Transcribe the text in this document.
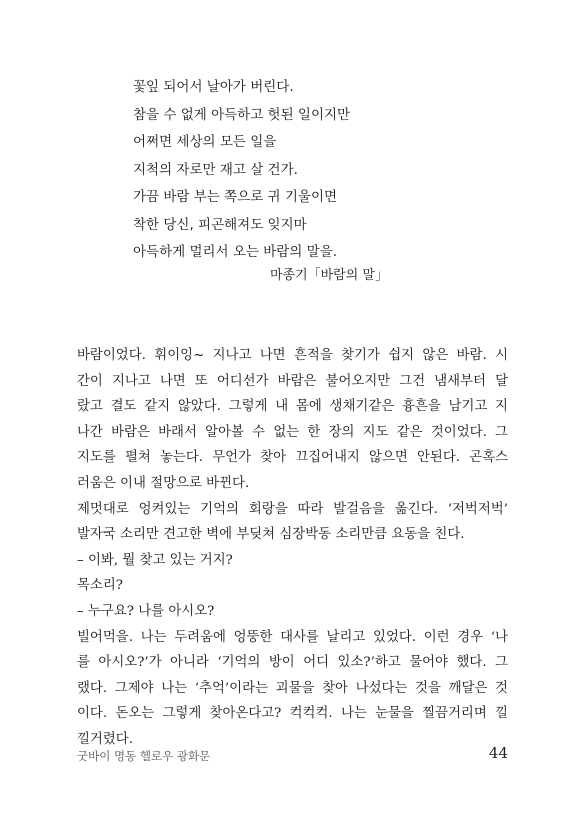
꽃잎 되어서 날아가 버린다.
참을 수 없게 아득하고 헛된 일이지만
어쩌면 세상의 모든 일을
지척의 자로만 재고 살 건가.
가끔 바람 부는 쪽으로 귀 기울이면
착한 당신, 피곤해져도 잊지마
아득하게 멀리서 오는 바람의 말을.
마종기「바람의 말」
바람이었다. 휘이잉~ 지나고 나면 흔적을 찾기가 쉽지 않은 바람. 시
간이 지나고 나면 또 어디선가 바람은 불어오지만 그건 냄새부터 달
랐고 결도 같지 않았다. 그렇게 내 몸에 생채기같은 흉흔을 남기고 지
나간 바람은 바래서 알아볼 수 없는 한 장의 지도 같은 것이었다. 그
지도를 펼쳐 놓는다. 무언가 찾아 끄집어내지 않으면 안된다. 곤혹스
러움은 이내 절망으로 바뀐다.
제멋대로 엉켜있는 기억의 회랑을 따라 발걸음을 옮긴다. ‘저벅저벅’
발자국 소리만 견고한 벽에 부딪쳐 심장박동 소리만큼 요동을 친다.
– 이봐, 뭘 찾고 있는 거지?
목소리?
– 누구요? 나를 아시오?
빌어먹을. 나는 두려움에 엉뚱한 대사를 날리고 있었다. 이런 경우 ‘나
를 아시오?’가 아니라 ‘기억의 방이 어디 있소?’하고 물어야 했다. 그
랬다. 그제야 나는 ‘추억’이라는 괴물을 찾아 나섰다는 것을 깨달은 것
이다. 돈오는 그렇게 찾아온다고? 컥컥컥. 나는 눈물을 찔끔거리며 낄
낄거렸다.
굿바이 명동 헬로우 광화문	44
